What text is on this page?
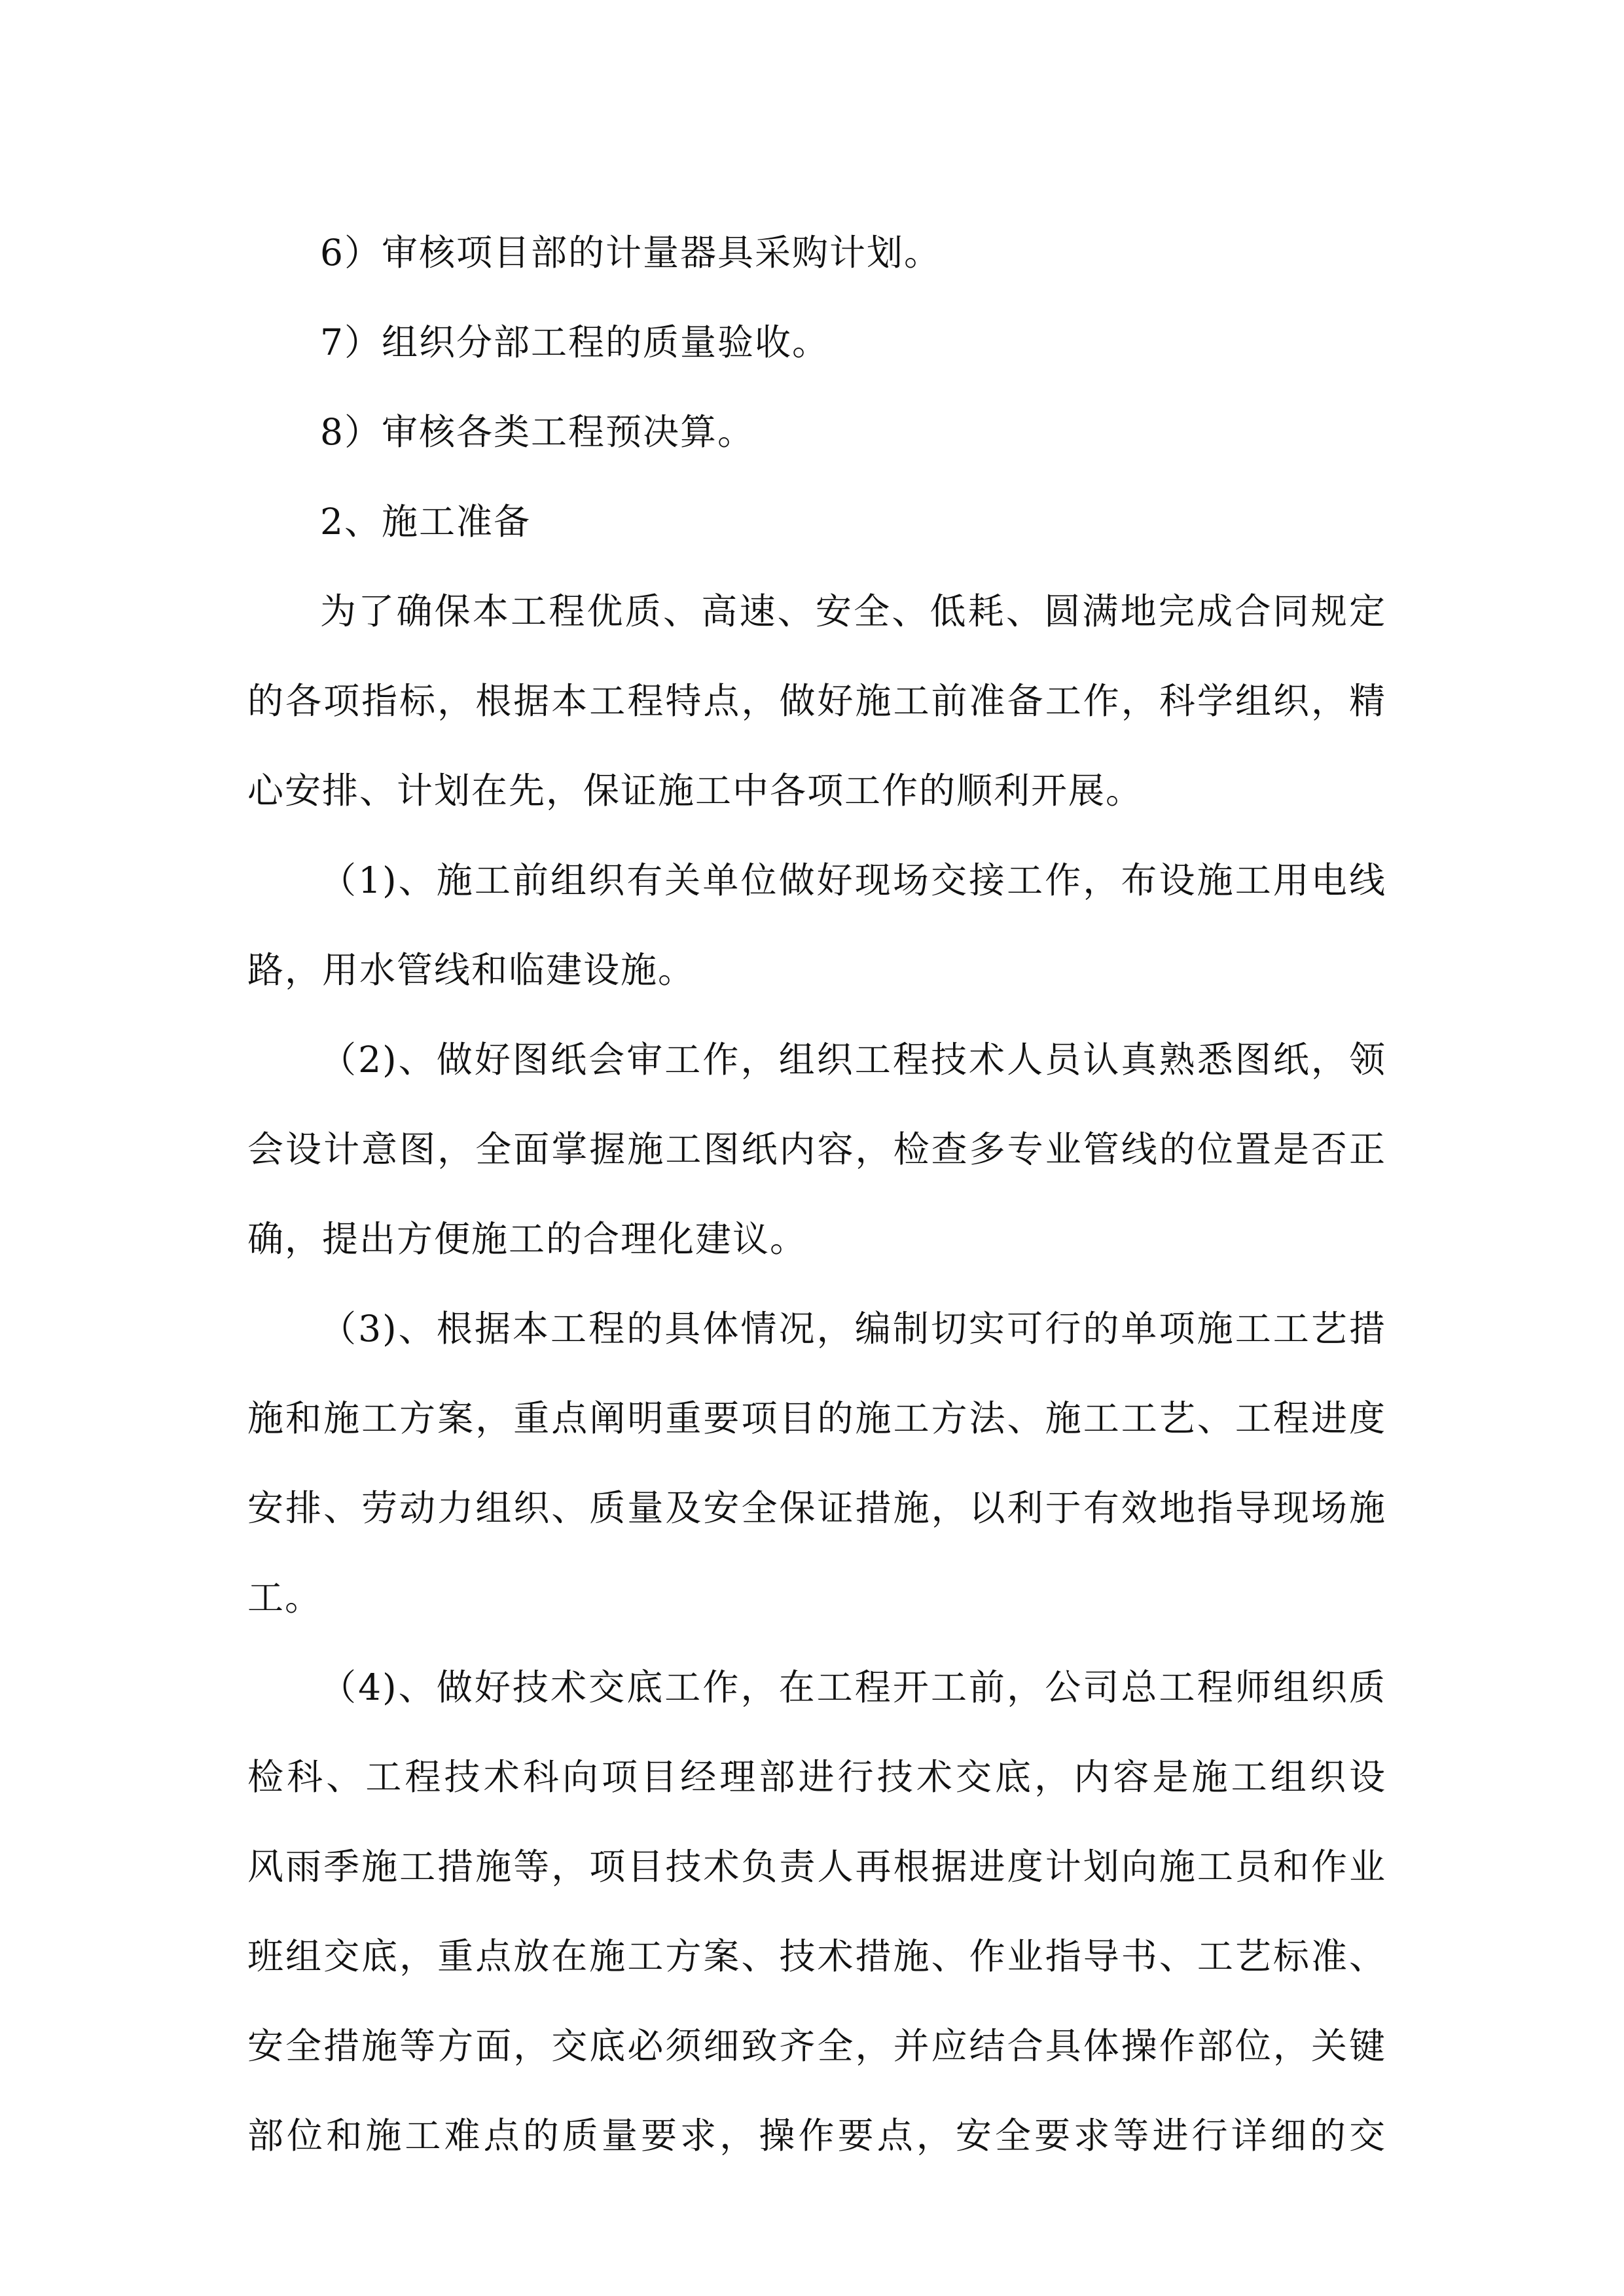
6）审核项目部的计量器具采购计划。

7）组织分部工程的质量验收。

8）审核各类工程预决算。

2、施工准备

为了确保本工程优质、高速、安全、低耗、圆满地完成合同规定

的各项指标，根据本工程特点，做好施工前准备工作，科学组织，精

心安排、计划在先，保证施工中各项工作的顺利开展。

（1)、施工前组织有关单位做好现场交接工作，布设施工用电线

路，用水管线和临建设施。

（2)、做好图纸会审工作，组织工程技术人员认真熟悉图纸，领

会设计意图，全面掌握施工图纸内容，检查多专业管线的位置是否正

确，提出方便施工的合理化建议。

（3)、根据本工程的具体情况，编制切实可行的单项施工工艺措

施和施工方案，重点阐明重要项目的施工方法、施工工艺、工程进度

安排、劳动力组织、质量及安全保证措施，以利于有效地指导现场施

工。

（4)、做好技术交底工作，在工程开工前，公司总工程师组织质

检科、工程技术科向项目经理部进行技术交底，内容是施工组织设

风雨季施工措施等，项目技术负责人再根据进度计划向施工员和作业

班组交底，重点放在施工方案、技术措施、作业指导书、工艺标准、

安全措施等方面，交底必须细致齐全，并应结合具体操作部位，关键

部位和施工难点的质量要求，操作要点，安全要求等进行详细的交
